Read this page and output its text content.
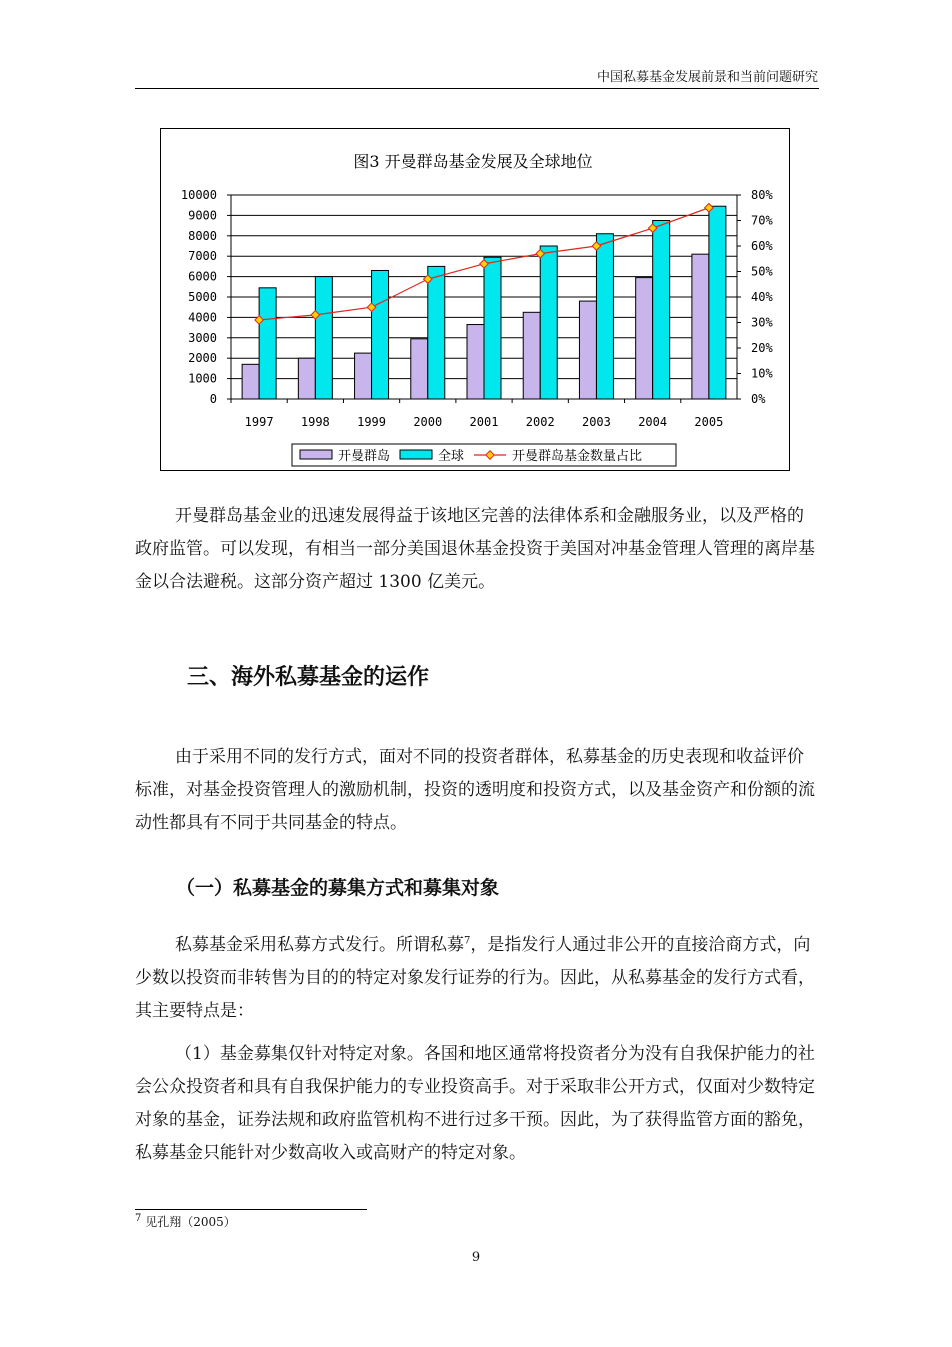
中国私募基金发展前景和当前问题研究
图3 开曼群岛基金发展及全球地位
10000
9000
8000
7000
6000
5000
4000
3000
2000
1000
0
80%
70%
60%
50%
40%
30%
20%
10%
0%
1997 1998 1999 2000 2001 2002 2003 2004 2005
开曼群岛	全球	开曼群岛基金数量占比

开曼群岛基金业的迅速发展得益于该地区完善的法律体系和金融服务业，以及严格的政府监管。可以发现，有相当一部分美国退休基金投资于美国对冲基金管理人管理的离岸基金以合法避税。这部分资产超过 1300 亿美元。

三、海外私募基金的运作

由于采用不同的发行方式，面对不同的投资者群体，私募基金的历史表现和收益评价标准，对基金投资管理人的激励机制，投资的透明度和投资方式，以及基金资产和份额的流动性都具有不同于共同基金的特点。

（一）私募基金的募集方式和募集对象

私募基金采用私募方式发行。所谓私募$^7$，是指发行人通过非公开的直接洽商方式，向少数以投资而非转售为目的的特定对象发行证券的行为。因此，从私募基金的发行方式看，其主要特点是：

（1）基金募集仅针对特定对象。各国和地区通常将投资者分为没有自我保护能力的社会公众投资者和具有自我保护能力的专业投资高手。对于采取非公开方式，仅面对少数特定对象的基金，证券法规和政府监管机构不进行过多干预。因此，为了获得监管方面的豁免，私募基金只能针对少数高收入或高财产的特定对象。

$^7$ 见孔翔（2005）
9
